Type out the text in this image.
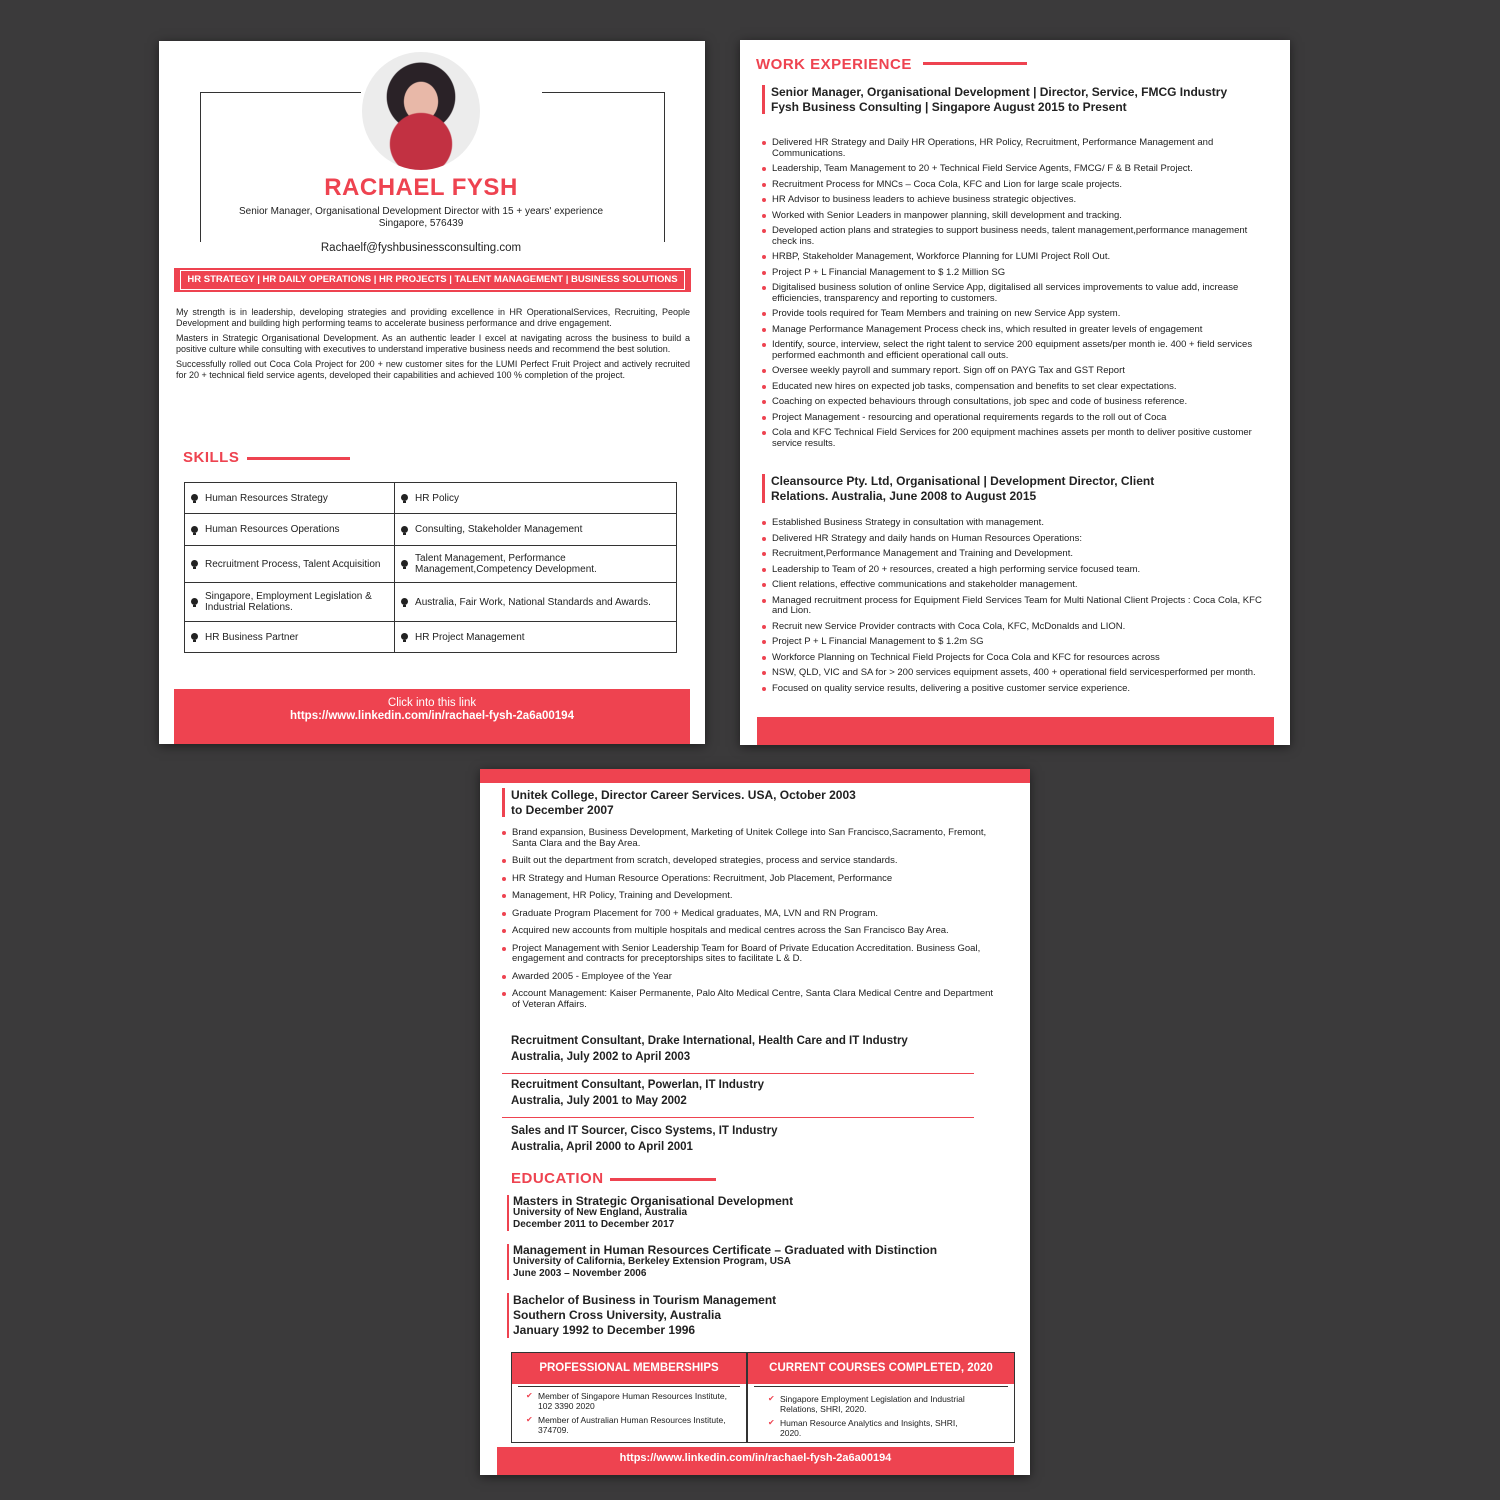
RACHAEL FYSH
Senior Manager, Organisational Development Director with 15 + years' experience
Singapore, 576439
Rachaelf@fyshbusinessconsulting.com
HR STRATEGY | HR DAILY OPERATIONS | HR PROJECTS | TALENT MANAGEMENT | BUSINESS SOLUTIONS

My strength is in leadership, developing strategies and providing excellence in HR OperationalServices, Recruiting, People Development and building high performing teams to accelerate business performance and drive engagement.

Masters in Strategic Organisational Development. As an authentic leader I excel at navigating across the business to build a positive culture while consulting with executives to understand imperative business needs and recommend the best solution.

Successfully rolled out Coca Cola Project for 200 + new customer sites for the LUMI Perfect Fruit Project and actively recruited for 20 + technical field service agents, developed their capabilities and achieved 100 % completion of the project.

SKILLS
Human Resources Strategy	HR Policy

Human Resources Operations	Consulting, Stakeholder Management

Recruitment Process, Talent Acquisition	Talent Management, Performance Management,Competency Development.

Singapore, Employment Legislation & Industrial Relations.	Australia, Fair Work, National Standards and Awards.

HR Business Partner	HR Project Management
Click into this link
https://www.linkedin.com/in/rachael-fysh-2a6a00194
WORK EXPERIENCE
Senior Manager, Organisational Development | Director, Service, FMCG Industry
Fysh Business Consulting | Singapore August 2015 to Present
Delivered HR Strategy and Daily HR Operations, HR Policy, Recruitment, Performance Management and Communications.
Leadership, Team Management to 20 + Technical Field Service Agents, FMCG/ F & B Retail Project.
Recruitment Process for MNCs – Coca Cola, KFC and Lion for large scale projects.
HR Advisor to business leaders to achieve business strategic objectives.
Worked with Senior Leaders in manpower planning, skill development and tracking.
Developed action plans and strategies to support business needs, talent management,performance management check ins.
HRBP, Stakeholder Management, Workforce Planning for LUMI Project Roll Out.
Project P + L Financial Management to $ 1.2 Million SG
Digitalised business solution of online Service App, digitalised all services improvements to value add, increase efficiencies, transparency and reporting to customers.
Provide tools required for Team Members and training on new Service App system.
Manage Performance Management Process check ins, which resulted in greater levels of engagement
Identify, source, interview, select the right talent to service 200 equipment assets/per month ie. 400 + field services performed eachmonth and efficient operational call outs.
Oversee weekly payroll and summary report. Sign off on PAYG Tax and GST Report
Educated new hires on expected job tasks, compensation and benefits to set clear expectations.
Coaching on expected behaviours through consultations, job spec and code of business reference.
Project Management - resourcing and operational requirements regards to the roll out of Coca
Cola and KFC Technical Field Services for 200 equipment machines assets per month to deliver positive customer service results.
Cleansource Pty. Ltd, Organisational | Development Director, Client
Relations. Australia, June 2008 to August 2015
Established Business Strategy in consultation with management.
Delivered HR Strategy and daily hands on Human Resources Operations:
Recruitment,Performance Management and Training and Development.
Leadership to Team of 20 + resources, created a high performing service focused team.
Client relations, effective communications and stakeholder management.
Managed recruitment process for Equipment Field Services Team for Multi National Client Projects : Coca Cola, KFC and Lion.
Recruit new Service Provider contracts with Coca Cola, KFC, McDonalds and LION.
Project P + L Financial Management to $ 1.2m SG
Workforce Planning on Technical Field Projects for Coca Cola and KFC for resources across
NSW, QLD, VIC and SA for > 200 services equipment assets, 400 + operational field servicesperformed per month.
Focused on quality service results, delivering a positive customer service experience.
Unitek College, Director Career Services. USA, October 2003
to December 2007
Brand expansion, Business Development, Marketing of Unitek College into San Francisco,Sacramento, Fremont, Santa Clara and the Bay Area.
Built out the department from scratch, developed strategies, process and service standards.
HR Strategy and Human Resource Operations: Recruitment, Job Placement, Performance
Management, HR Policy, Training and Development.
Graduate Program Placement for 700 + Medical graduates, MA, LVN and RN Program.
Acquired new accounts from multiple hospitals and medical centres across the San Francisco Bay Area.
Project Management with Senior Leadership Team for Board of Private Education Accreditation. Business Goal, engagement and contracts for preceptorships sites to facilitate L & D.
Awarded 2005 - Employee of the Year
Account Management: Kaiser Permanente, Palo Alto Medical Centre, Santa Clara Medical Centre and Department of Veteran Affairs.
Recruitment Consultant, Drake International, Health Care and IT Industry
Australia, July 2002 to April 2003
Recruitment Consultant, Powerlan, IT Industry
Australia, July 2001 to May 2002
Sales and IT Sourcer, Cisco Systems, IT Industry
Australia, April 2000 to April 2001
EDUCATION
Masters in Strategic Organisational Development
University of New England, Australia
December 2011 to December 2017
Management in Human Resources Certificate – Graduated with Distinction
University of California, Berkeley Extension Program, USA
June 2003 – November 2006
Bachelor of Business in Tourism Management
Southern Cross University, Australia
January 1992 to December 1996
PROFESSIONAL MEMBERSHIPS	CURRENT COURSES COMPLETED, 2020
✔ Member of Singapore Human Resources Institute, 102 3390 2020
✔ Member of Australian Human Resources Institute, 374709.
✔ Singapore Employment Legislation and Industrial Relations, SHRI, 2020.
✔ Human Resource Analytics and Insights, SHRI, 2020.
https://www.linkedin.com/in/rachael-fysh-2a6a00194
